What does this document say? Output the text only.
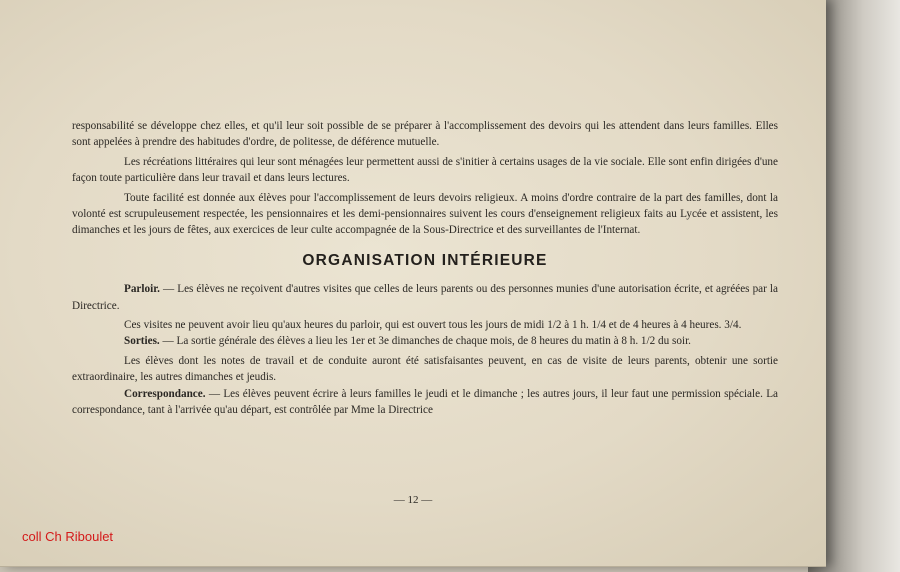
responsabilité se développe chez elles, et qu'il leur soit possible de se préparer à l'accomplissement des devoirs qui les attendent dans leurs familles. Elles sont appelées à prendre des habitudes d'ordre, de politesse, de déférence mutuelle.

Les récréations littéraires qui leur sont ménagées leur permettent aussi de s'initier à certains usages de la vie sociale. Elle sont enfin dirigées d'une façon toute particulière dans leur travail et dans leurs lectures.

Toute facilité est donnée aux élèves pour l'accomplissement de leurs devoirs religieux. A moins d'ordre contraire de la part des familles, dont la volonté est scrupuleusement respectée, les pensionnaires et les demi-pensionnaires suivent les cours d'enseignement religieux faits au Lycée et assistent, les dimanches et les jours de fêtes, aux exercices de leur culte accompagnée de la Sous-Directrice et des surveillantes de l'Internat.

ORGANISATION INTÉRIEURE

Parloir. — Les élèves ne reçoivent d'autres visites que celles de leurs parents ou des personnes munies d'une autorisation écrite, et agréées par la Directrice.

Ces visites ne peuvent avoir lieu qu'aux heures du parloir, qui est ouvert tous les jours de midi 1/2 à 1 h. 1/4 et de 4 heures à 4 heures. 3/4.

Sorties. — La sortie générale des élèves a lieu les 1er et 3e dimanches de chaque mois, de 8 heures du matin à 8 h. 1/2 du soir.

Les élèves dont les notes de travail et de conduite auront été satisfaisantes peuvent, en cas de visite de leurs parents, obtenir une sortie extraordinaire, les autres dimanches et jeudis.

Correspondance. — Les élèves peuvent écrire à leurs familles le jeudi et le dimanche ; les autres jours, il leur faut une permission spéciale. La correspondance, tant à l'arrivée qu'au départ, est contrôlée par Mme la Directrice

— 12 —
coll Ch Riboulet
